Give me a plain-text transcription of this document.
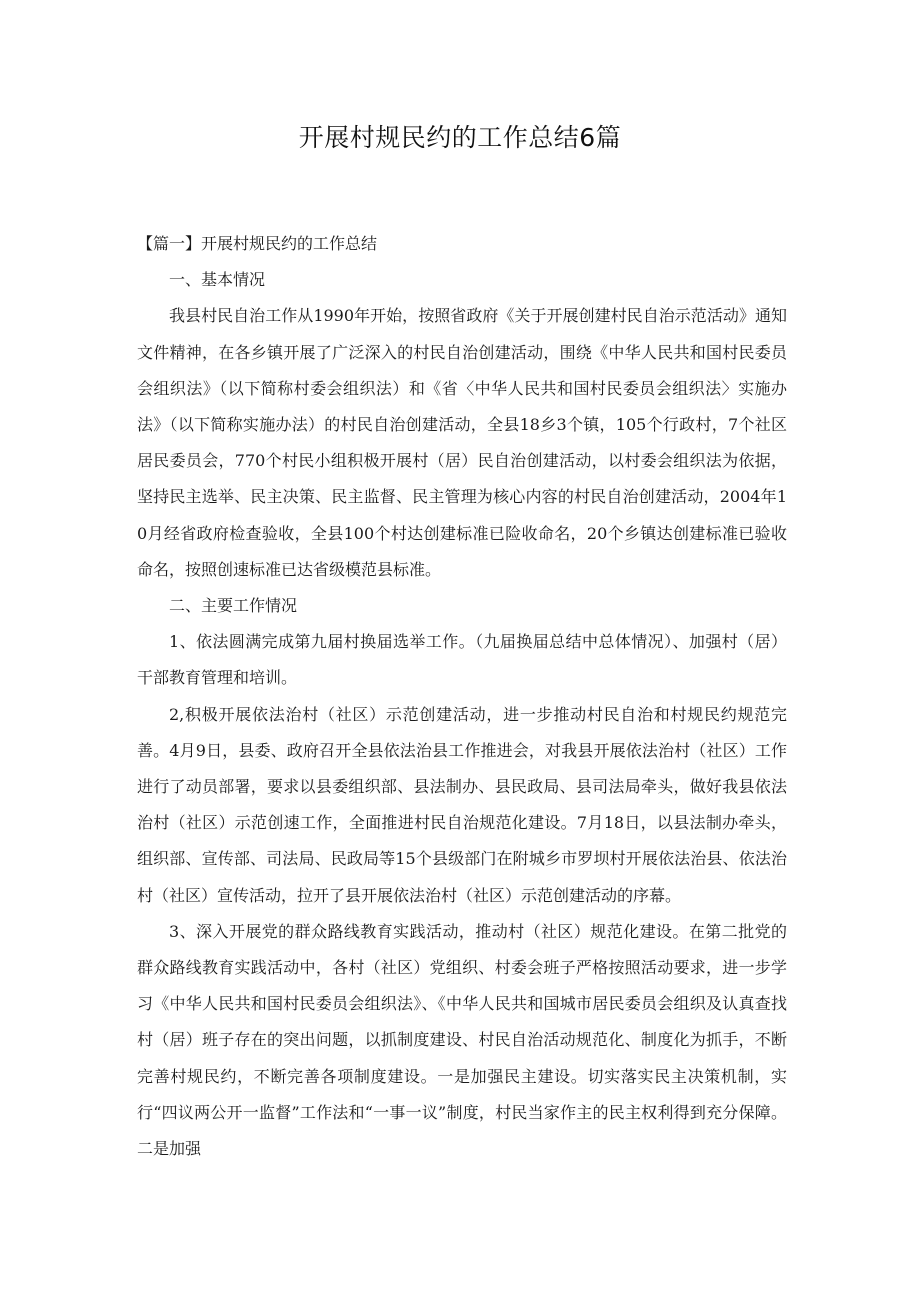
开展村规民约的工作总结6篇

【篇一】开展村规民约的工作总结

一、基本情况

我县村民自治工作从1990年开始，按照省政府《关于开展创建村民自治示范活动》通知文件精神，在各乡镇开展了广泛深入的村民自治创建活动，围绕《中华人民共和国村民委员会组织法》（以下简称村委会组织法）和《省〈中华人民共和国村民委员会组织法〉实施办法》（以下简称实施办法）的村民自治创建活动，全县18乡3个镇，105个行政村，7个社区居民委员会，770个村民小组积极开展村（居）民自治创建活动，以村委会组织法为依据，坚持民主选举、民主决策、民主监督、民主管理为核心内容的村民自治创建活动，2004年10月经省政府检查验收，全县100个村达创建标准已险收命名，20个乡镇达创建标准已验收命名，按照创速标准已达省级模范县标准。

二、主要工作情况

1、依法圆满完成第九届村换届选举工作。（九届换届总结中总体情况）、加强村（居）干部教育管理和培训。

2,积极开展依法治村（社区）示范创建活动，进一步推动村民自治和村规民约规范完善。4月9日，县委、政府召开全县依法治县工作推进会，对我县开展依法治村（社区）工作进行了动员部署，要求以县委组织部、县法制办、县民政局、县司法局牵头，做好我县依法治村（社区）示范创速工作，全面推进村民自治规范化建设。7月18日，以县法制办牵头，组织部、宣传部、司法局、民政局等15个县级部门在附城乡市罗坝村开展依法治县、依法治村（社区）宣传活动，拉开了县开展依法治村（社区）示范创建活动的序幕。

3、深入开展党的群众路线教育实践活动，推动村（社区）规范化建设。在第二批党的群众路线教育实践活动中，各村（社区）党组织、村委会班子严格按照活动要求，进一步学习《中华人民共和国村民委员会组织法》、《中华人民共和国城市居民委员会组织及认真查找村（居）班子存在的突出问题，以抓制度建设、村民自治活动规范化、制度化为抓手，不断完善村规民约，不断完善各项制度建设。一是加强民主建设。切实落实民主决策机制，实行“四议两公开一监督”工作法和“一事一议”制度，村民当家作主的民主权利得到充分保障。二是加强
